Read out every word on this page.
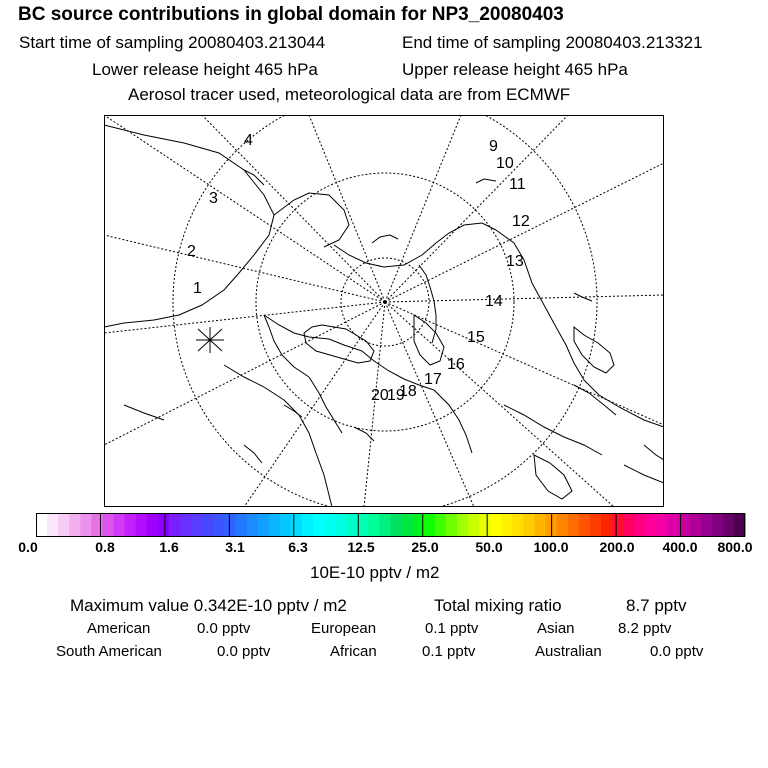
BC source contributions in global domain for NP3_20080403
Start time of sampling 20080403.213044	End time of sampling 20080403.213321
Lower release height 465 hPa	Upper release height 465 hPa
Aerosol tracer used, meteorological data are from ECMWF
1
2
3
4	9
10
11
12
13
14
15
16
17
18
19
20
0.0	0.8	1.6	3.1	6.3	12.5	25.0	50.0 100.0 200.0 400.0 800.0
10E-10 pptv / m2
Maximum value 0.342E-10 pptv / m2	Total mixing ratio	8.7 pptv
American	0.0 pptv	European	0.1 pptv	Asian	8.2 pptv
South American	0.0 pptv	African	0.1 pptv	Australian	0.0 pptv
